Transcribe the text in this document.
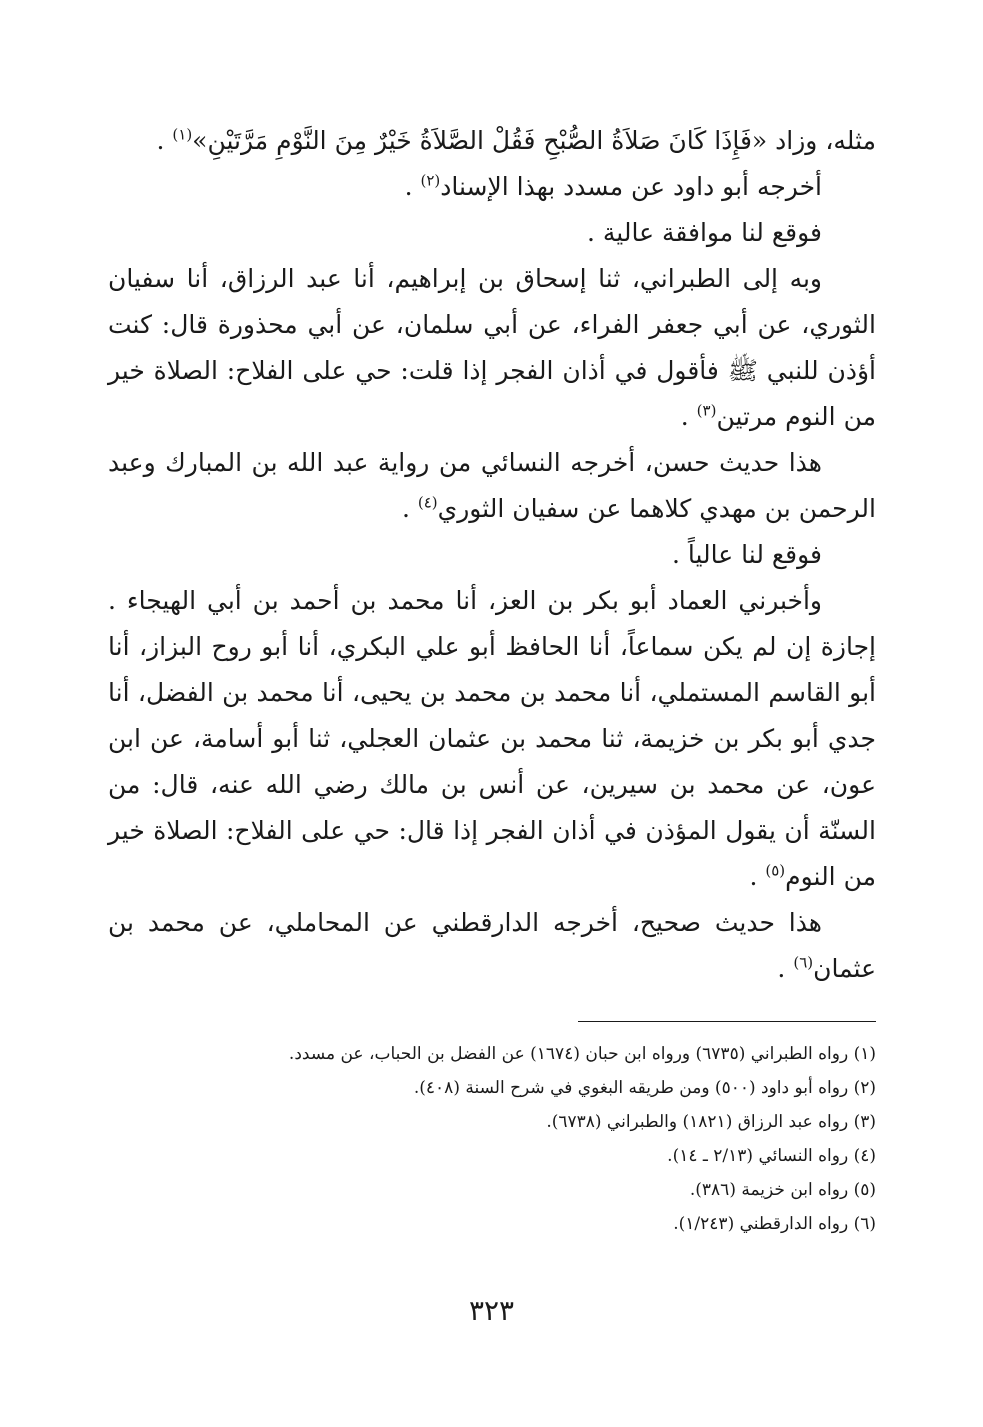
مثله، وزاد «فَإِذَا كَانَ صَلاَةُ الصُّبْحِ فَقُلْ الصَّلاَةُ خَيْرٌ مِنَ النَّوْمِ مَرَّتَيْنِ»$^{(١)}$ .

أخرجه أبو داود عن مسدد بهذا الإسناد$^{(٢)}$ .

فوقع لنا موافقة عالية .

وبه إلى الطبراني، ثنا إسحاق بن إبراهيم، أنا عبد الرزاق، أنا سفيان الثوري، عن أبي جعفر الفراء، عن أبي سلمان، عن أبي محذورة قال: كنت أؤذن للنبي ﷺ فأقول في أذان الفجر إذا قلت: حي على الفلاح: الصلاة خير من النوم مرتين$^{(٣)}$ .

هذا حديث حسن، أخرجه النسائي من رواية عبد الله بن المبارك وعبد الرحمن بن مهدي كلاهما عن سفيان الثوري$^{(٤)}$ .

فوقع لنا عالياً .

وأخبرني العماد أبو بكر بن العز، أنا محمد بن أحمد بن أبي الهيجاء . إجازة إن لم يكن سماعاً، أنا الحافظ أبو علي البكري، أنا أبو روح البزاز، أنا أبو القاسم المستملي، أنا محمد بن محمد بن يحيى، أنا محمد بن الفضل، أنا جدي أبو بكر بن خزيمة، ثنا محمد بن عثمان العجلي، ثنا أبو أسامة، عن ابن عون، عن محمد بن سيرين، عن أنس بن مالك رضي الله عنه، قال: من السنّة أن يقول المؤذن في أذان الفجر إذا قال: حي على الفلاح: الصلاة خير من النوم$^{(٥)}$ .

هذا حديث صحيح، أخرجه الدارقطني عن المحاملي، عن محمد بن عثمان$^{(٦)}$ .

(١) رواه الطبراني (٦٧٣٥) ورواه ابن حبان (١٦٧٤) عن الفضل بن الحباب، عن مسدد.

(٢) رواه أبو داود (٥٠٠) ومن طريقه البغوي في شرح السنة (٤٠٨).

(٣) رواه عبد الرزاق (١٨٢١) والطبراني (٦٧٣٨).

(٤) رواه النسائي (٢/١٣ ـ ١٤).

(٥) رواه ابن خزيمة (٣٨٦).

(٦) رواه الدارقطني (١/٢٤٣).

٣٢٣
